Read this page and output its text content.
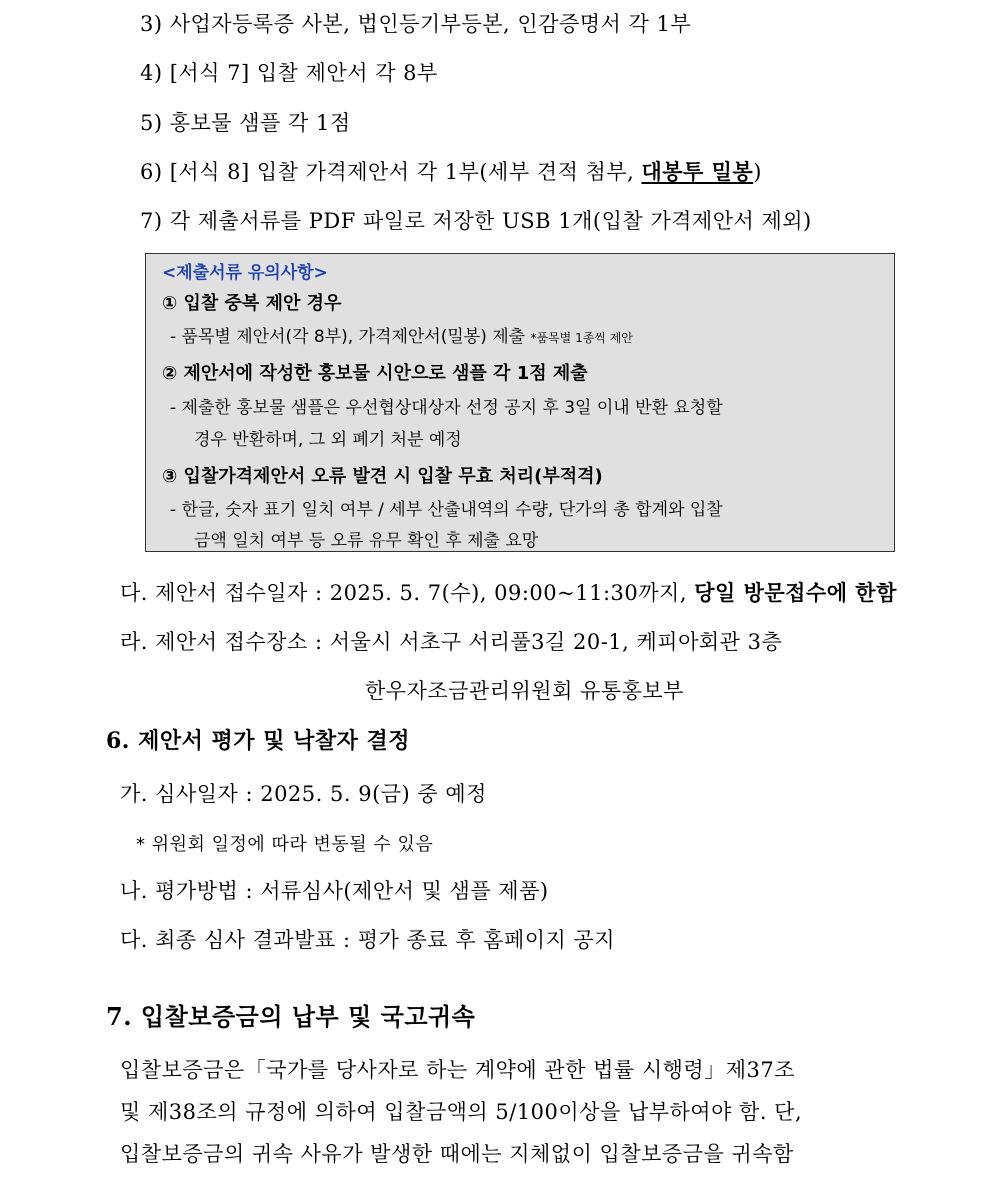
3) 사업자등록증 사본, 법인등기부등본, 인감증명서 각 1부
4) [서식 7] 입찰 제안서 각 8부
5) 홍보물 샘플 각 1점
6) [서식 8] 입찰 가격제안서 각 1부(세부 견적 첨부, 대봉투 밀봉)
7) 각 제출서류를 PDF 파일로 저장한 USB 1개(입찰 가격제안서 제외)
<제출서류 유의사항>
① 입찰 중복 제안 경우
- 품목별 제안서(각 8부), 가격제안서(밀봉) 제출 *품목별 1종씩 제안
② 제안서에 작성한 홍보물 시안으로 샘플 각 1점 제출
- 제출한 홍보물 샘플은 우선협상대상자 선정 공지 후 3일 이내 반환 요청할
경우 반환하며, 그 외 폐기 처분 예정
③ 입찰가격제안서 오류 발견 시 입찰 무효 처리(부적격)
- 한글, 숫자 표기 일치 여부 / 세부 산출내역의 수량, 단가의 총 합계와 입찰
금액 일치 여부 등 오류 유무 확인 후 제출 요망
다. 제안서 접수일자 : 2025. 5. 7(수), 09:00~11:30까지, 당일 방문접수에 한함
라. 제안서 접수장소 : 서울시 서초구 서리풀3길 20-1, 케피아회관 3층
한우자조금관리위원회 유통홍보부
6. 제안서 평가 및 낙찰자 결정
가. 심사일자 : 2025. 5. 9(금) 중 예정
* 위원회 일정에 따라 변동될 수 있음
나. 평가방법 : 서류심사(제안서 및 샘플 제품)
다. 최종 심사 결과발표 : 평가 종료 후 홈페이지 공지
7. 입찰보증금의 납부 및 국고귀속
입찰보증금은「국가를 당사자로 하는 계약에 관한 법률 시행령」제37조
및 제38조의 규정에 의하여 입찰금액의 5/100이상을 납부하여야 함. 단,
입찰보증금의 귀속 사유가 발생한 때에는 지체없이 입찰보증금을 귀속함
